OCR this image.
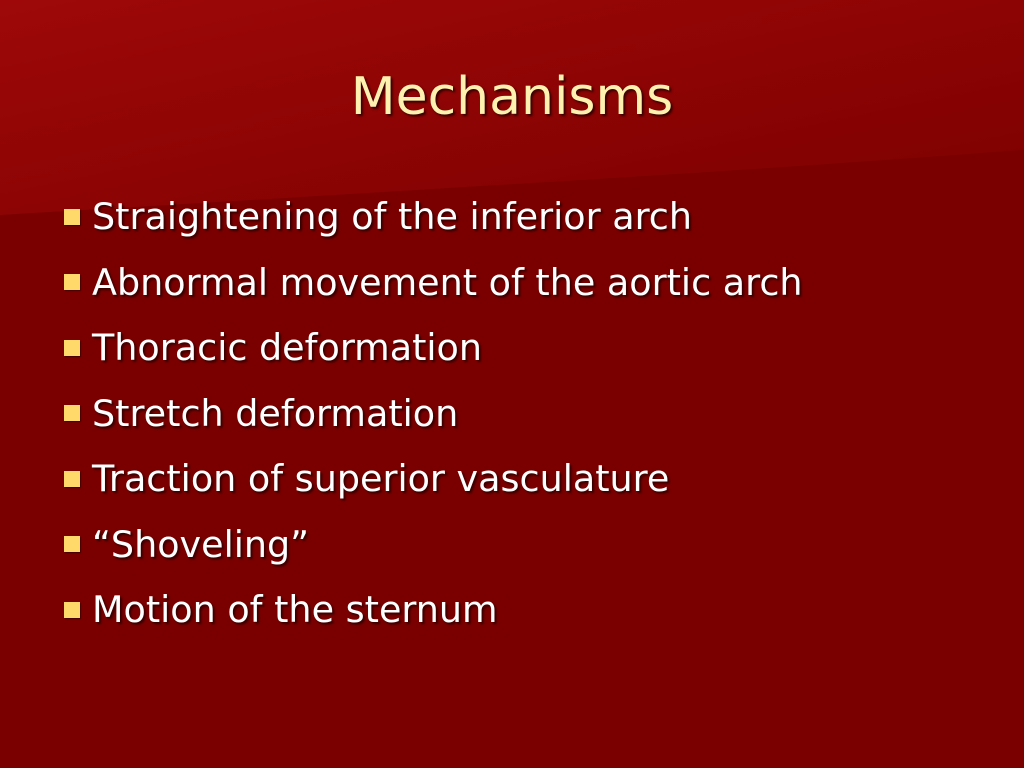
Mechanisms
Straightening of the inferior arch
Abnormal movement of the aortic arch
Thoracic deformation
Stretch deformation
Traction of superior vasculature
“Shoveling”
Motion of the sternum
